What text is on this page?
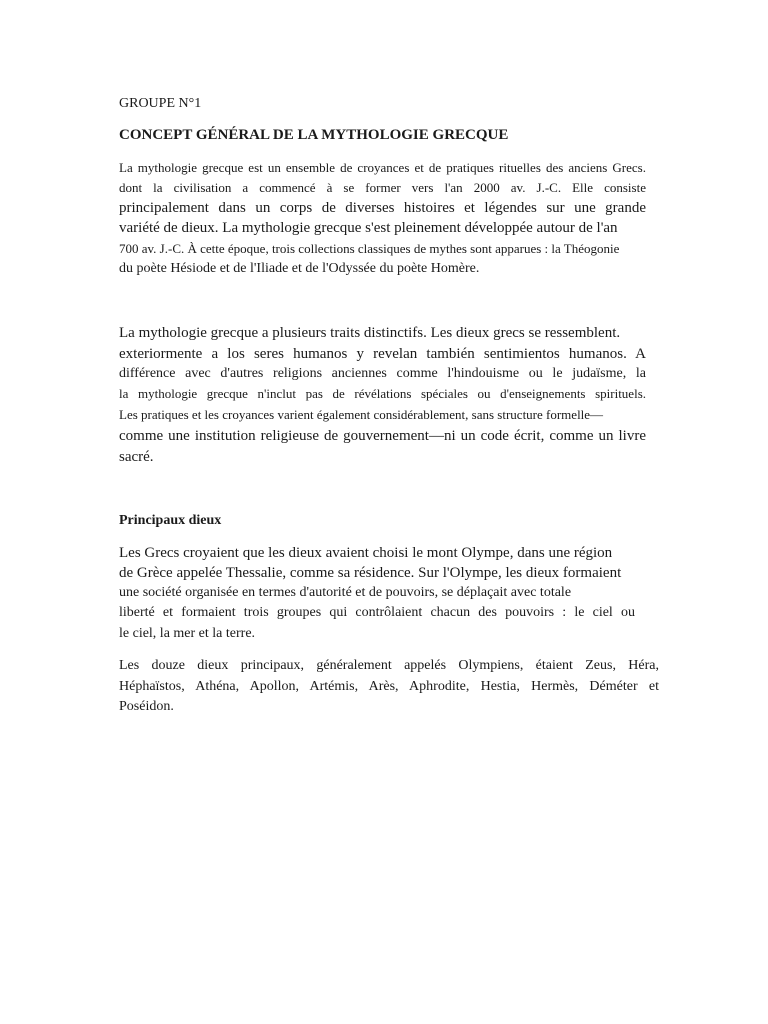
GROUPE N°1

CONCEPT GÉNÉRAL DE LA MYTHOLOGIE GRECQUE

La mythologie grecque est un ensemble de croyances et de pratiques rituelles des anciens Grecs.

dont la civilisation a commencé à se former vers l'an 2000 av. J.-C. Elle consiste

principalement dans un corps de diverses histoires et légendes sur une grande

variété de dieux. La mythologie grecque s'est pleinement développée autour de l'an

700 av. J.-C. À cette époque, trois collections classiques de mythes sont apparues : la Théogonie

du poète Hésiode et de l'Iliade et de l'Odyssée du poète Homère.

La mythologie grecque a plusieurs traits distinctifs. Les dieux grecs se ressemblent.

exteriormente a los seres humanos y revelan también sentimientos humanos. A

différence avec d'autres religions anciennes comme l'hindouisme ou le judaïsme, la

la mythologie grecque n'inclut pas de révélations spéciales ou d'enseignements spirituels.

Les pratiques et les croyances varient également considérablement, sans structure formelle—

comme une institution religieuse de gouvernement—ni un code écrit, comme un livre

sacré.

Principaux dieux

Les Grecs croyaient que les dieux avaient choisi le mont Olympe, dans une région

de Grèce appelée Thessalie, comme sa résidence. Sur l'Olympe, les dieux formaient

une société organisée en termes d'autorité et de pouvoirs, se déplaçait avec totale

liberté et formaient trois groupes qui contrôlaient chacun des pouvoirs : le ciel ou

le ciel, la mer et la terre.

Les douze dieux principaux, généralement appelés Olympiens, étaient Zeus, Héra,

Héphaïstos, Athéna, Apollon, Artémis, Arès, Aphrodite, Hestia, Hermès, Déméter et

Poséidon.
